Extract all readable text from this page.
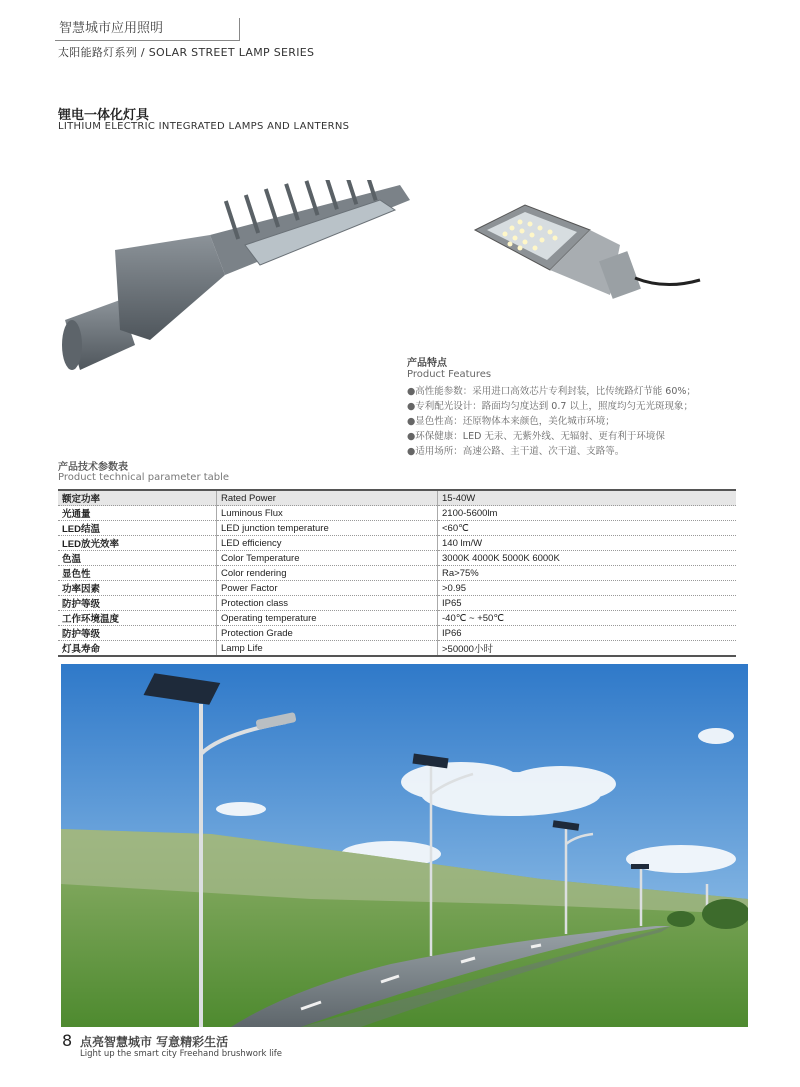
智慧城市应用照明
太阳能路灯系列 / SOLAR STREET LAMP SERIES
锂电一体化灯具
LITHIUM ELECTRIC INTEGRATED LAMPS AND LANTERNS
产品特点
Product Features
●高性能参数：采用进口高效芯片专利封装，比传统路灯节能 60%；
●专利配光设计：路面均匀度达到 0.7 以上，照度均匀无光斑现象；
●显色性高：还原物体本来颜色，美化城市环境；
●环保健康：LED 无汞、无紫外线、无辐射、更有利于环境保
●适用场所：高速公路、主干道、次干道、支路等。
产品技术参数表
Product technical parameter table
额定功率	Rated Power	15-40W
光通量	Luminous Flux	2100-5600lm
LED结温	LED junction temperature	<60℃
LED放光效率	LED efficiency	140 lm/W
色温	Color Temperature	3000K 4000K 5000K 6000K
显色性	Color rendering	Ra>75%
功率因素	Power Factor	>0.95
防护等级	Protection class	IP65
工作环境温度	Operating temperature	-40℃ ~ +50℃
防护等级	Protection Grade	IP66
灯具寿命	Lamp Life	>50000小时
8 点亮智慧城市 写意精彩生活
Light up the smart city Freehand brushwork life
